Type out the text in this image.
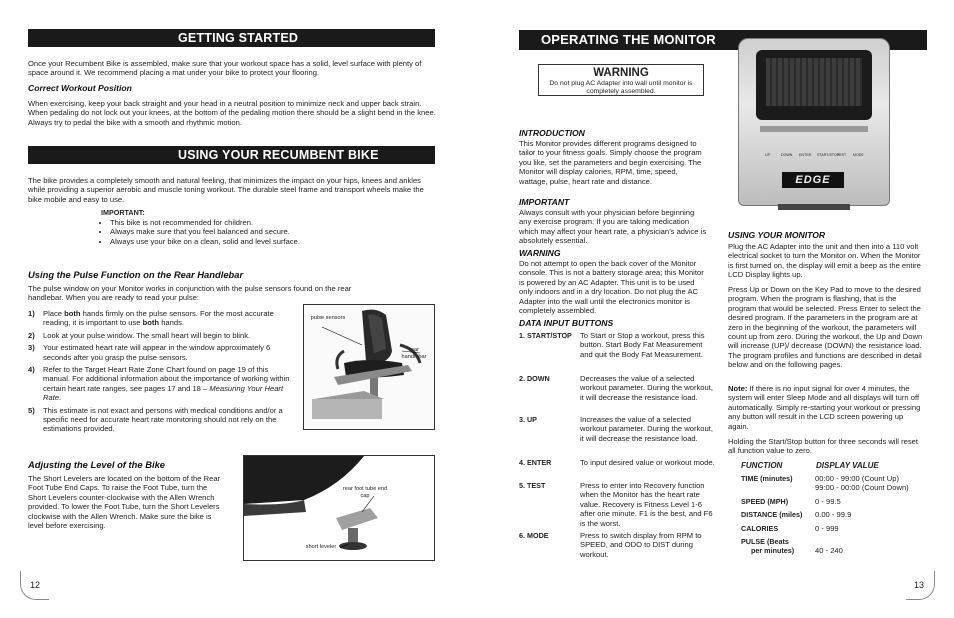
GETTING STARTED

Once your Recumbent Bike is assembled, make sure that your workout space has a solid, level surface with plenty of space around it. We recommend placing a mat under your bike to protect your flooring.

Correct Workout Position

When exercising, keep your back straight and your head in a neutral position to minimize neck and upper back strain. When pedaling do not lock out your knees, at the bottom of the pedaling motion there should be a slight bend in the knee. Always try to pedal the bike with a smooth and rhythmic motion.

USING YOUR RECUMBENT BIKE

The bike provides a completely smooth and natural feeling, that minimizes the impact on your hips, knees and ankles while providing a superior aerobic and muscle toning workout. The durable steel frame and transport wheels make the bike mobile and easy to use.

IMPORTANT:
• This bike is not recommended for children.
• Always make sure that you feel balanced and secure.
• Always use your bike on a clean, solid and level surface.
Using the Pulse Function on the Rear Handlebar

The pulse window on your Monitor works in conjunction with the pulse sensors found on the rear handlebar. When you are ready to read your pulse:

1) Place both hands firmly on the pulse sensors. For the most accurate reading, it is important to use both hands.
2) Look at your pulse window. The small heart will begin to blink.
3) Your estimated heart rate will appear in the window approximately 6 seconds after you grasp the pulse sensors.
4) Refer to the Target Heart Rate Zone Chart found on page 19 of this manual. For additional information about the importance of working within certain heart rate ranges, see pages 17 and 18 – Measuring Your Heart Rate.
5) This estimate is not exact and persons with medical conditions and/or a specific need for accurate heart rate monitoring should not rely on the estimations provided.
pulse sensors
rear handlebar
Adjusting the Level of the Bike

The Short Levelers are located on the bottom of the Rear Foot Tube End Caps. To raise the Foot Tube, turn the Short Levelers counter-clockwise with the Allen Wrench provided. To lower the Foot Tube, turn the Short Levelers clockwise with the Allen Wrench. Make sure the bike is level before exercising.

rear foot tube end cap
short leveler
12
OPERATING THE MONITOR
WARNING
Do not plug AC Adapter into wall until monitor is completely assembled.
INTRODUCTION

This Monitor provides different programs designed to tailor to your fitness goals. Simply choose the program you like, set the parameters and begin exercising. The Monitor will display calories, RPM, time, speed, wattage, pulse, heart rate and distance.

IMPORTANT

Always consult with your physician before beginning any exercise program. If you are taking medication which may affect your heart rate, a physician’s advice is absolutely essential.

WARNING

Do not attempt to open the back cover of the Monitor console. This is not a battery storage area; this Monitor is powered by an AC Adapter. This unit is to be used only indoors and in a dry location. Do not plug the AC Adapter into the wall until the electronics monitor is completely assembled.

DATA INPUT BUTTONS
1. START/STOP To Start or Stop a workout, press this button. Start Body Fat Measurement and quit the Body Fat Measurement.
2. DOWN	Decreases the value of a selected workout parameter. During the workout, it will decrease the resistance load.
3. UP	Increases the value of a selected workout parameter. During the workout, it will decrease the resistance load.
4. ENTER	To input desired value or workout mode.
5. TEST	Press to enter into Recovery function when the Monitor has the heart rate value. Recovery is Fitness Level 1-6 after one minute. F1 is the best, and F6 is the worst.
6. MODE	Press to switch display from RPM to SPEED, and ODO to DIST during workout.
UP	DOWN ENTER START/STOP
TEST MODE
EDGE
USING YOUR MONITOR

Plug the AC Adapter into the unit and then into a 110 volt electrical socket to turn the Monitor on. When the Monitor is first turned on, the display will emit a beep as the entire LCD Display lights up.

Press Up or Down on the Key Pad to move to the desired program. When the program is flashing, that is the program that would be selected. Press Enter to select the desired program. If the parameters in the program are at zero in the beginning of the workout, the parameters will count up from zero. During the workout, the Up and Down will increase (UP)/ decrease (DOWN) the resistance load. The program profiles and functions are described in detail below and on the following pages.

Note: If there is no input signal for over 4 minutes, the system will enter Sleep Mode and all displays will turn off automatically. Simply re-starting your workout or pressing any button will result in the LCD screen powering up again.

Holding the Start/Stop button for three seconds will reset all function value to zero.

FUNCTION	DISPLAY VALUE
TIME (minutes)	00:00 - 99:00 (Count Up)
99:00 - 00:00 (Count Down)
SPEED (MPH)	0 - 99.5
DISTANCE (miles) 0.00 - 99.9
CALORIES	0 - 999
PULSE (Beats
per minutes)	40 - 240
13
